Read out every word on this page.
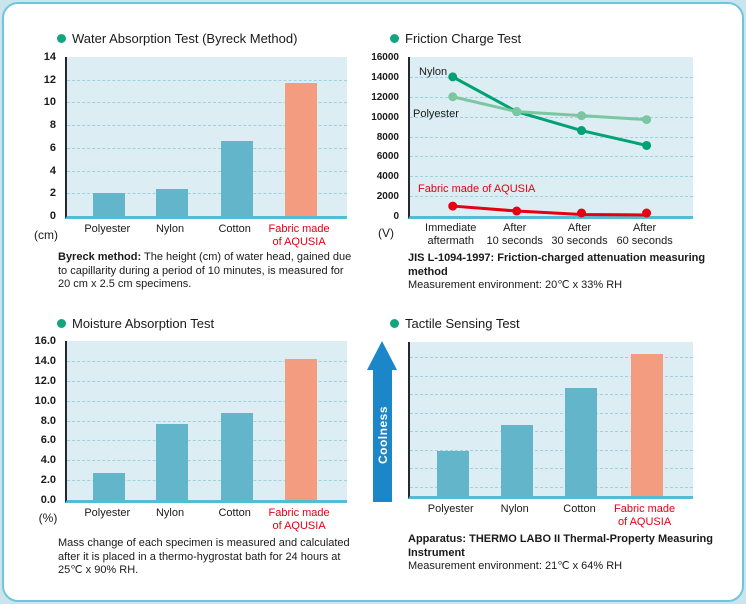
Water Absorption Test (Byreck Method)
14
12
10
8
6
4
2
0
(cm)	Polyester Nylon	Cotton Fabric made
of AQUSIA
Byreck method: The height (cm) of water head, gained due to capillarity during a period of 10 minutes, is measured for 20 cm x 2.5 cm specimens.
Friction Charge Test
16000
14000
12000
10000
8000
6000
4000
2000
0
(V)	Immediate
aftermath
After
10 seconds
After
30 seconds
After
60 seconds
Nylon
Polyester
Fabric made of AQUSIA
JIS L-1094-1997: Friction-charged attenuation measuring method
Measurement environment: 20℃ x 33% RH
Moisture Absorption Test
16.0
14.0
12.0
10.0
8.0
6.0
4.0
2.0
0.0
(%)	Polyester Nylon	Cotton Fabric made
of AQUSIA
Mass change of each specimen is measured and calculated after it is placed in a thermo-hygrostat bath for 24 hours at 25℃ x 90% RH.
Tactile Sensing Test
Coolness
Polyester Nylon	Cotton Fabric made
of AQUSIA
Apparatus: THERMO LABO II Thermal-Property Measuring Instrument
Measurement environment: 21℃ x 64% RH
